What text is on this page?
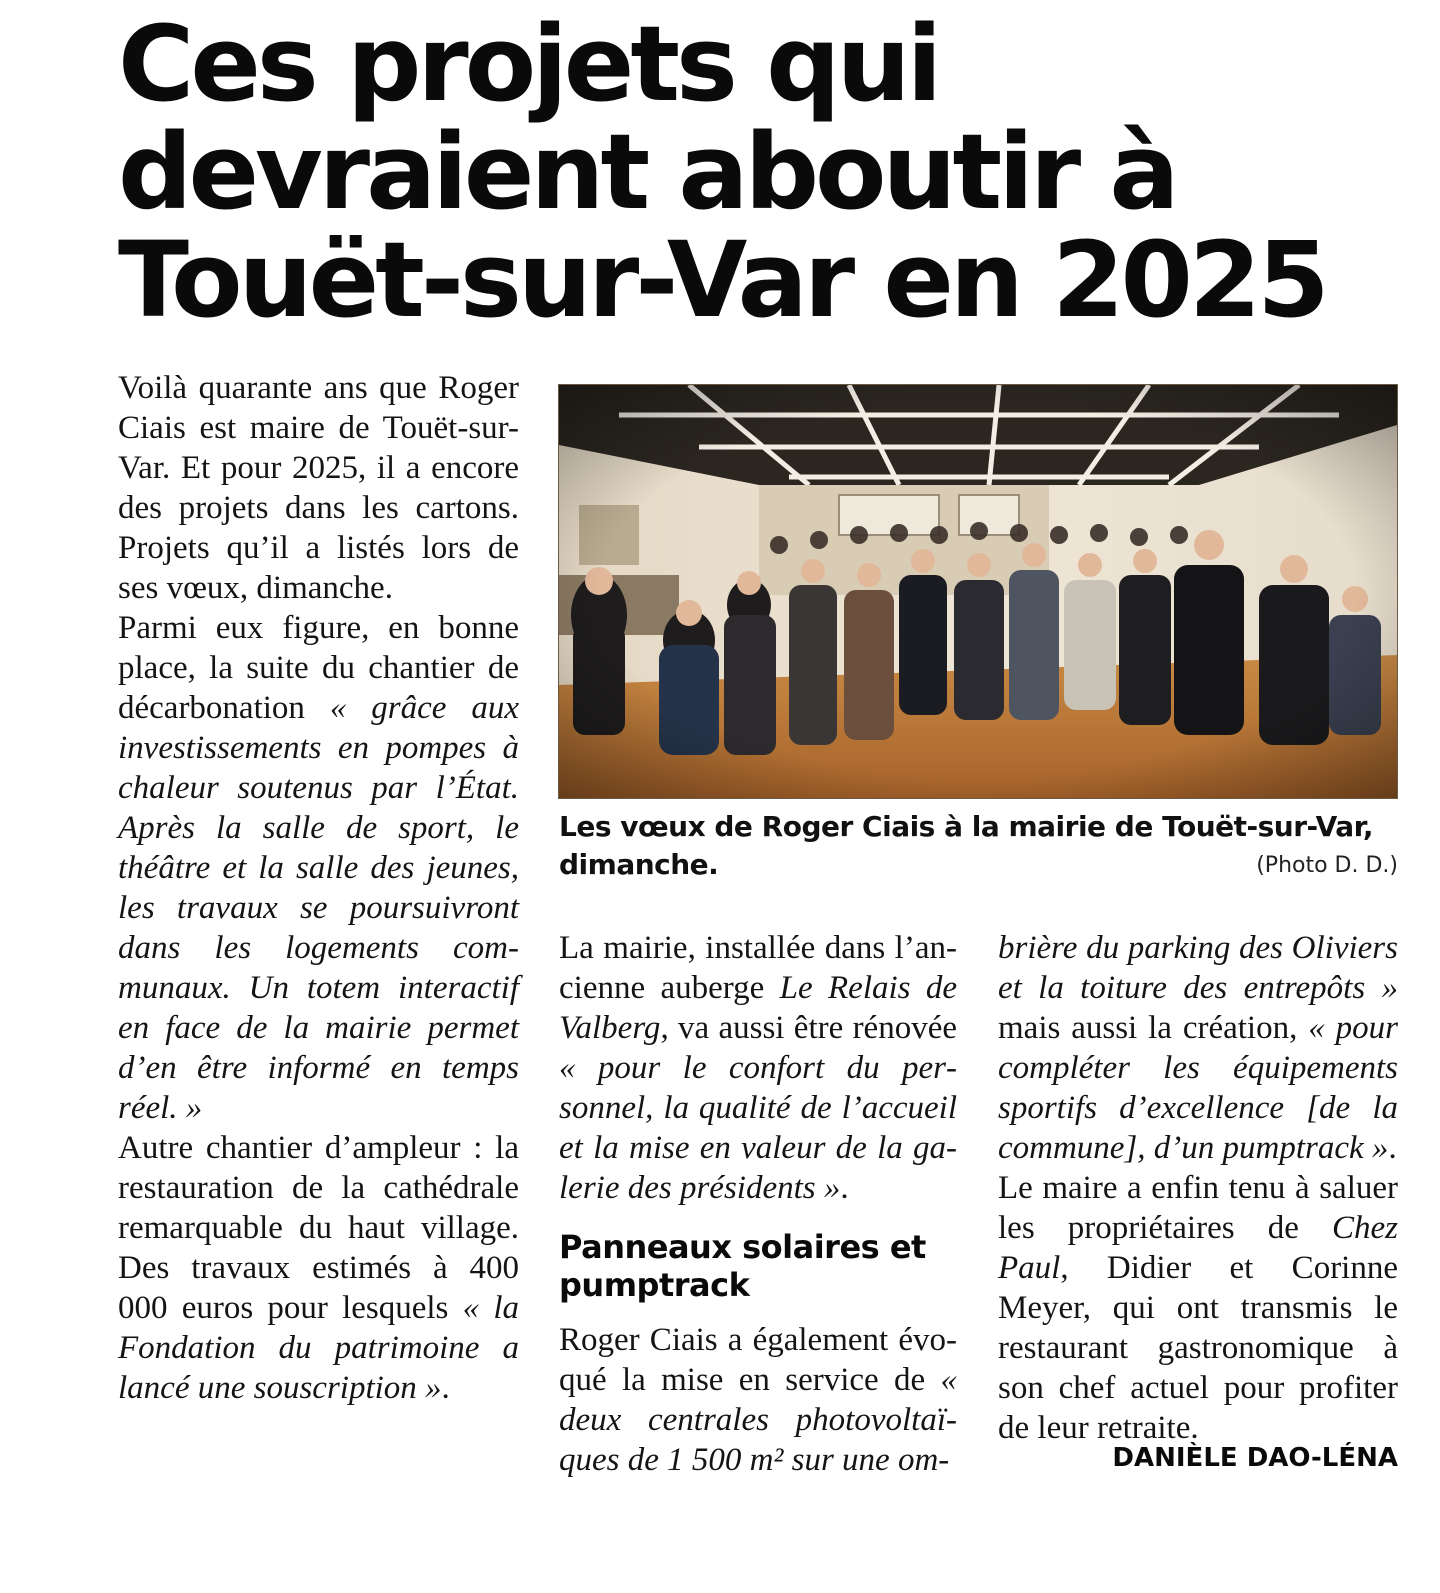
Ces projets qui
devraient aboutir à
Touët-sur-Var en 2025

Voilà quarante ans que Roger Ciais est maire de Touët-sur-Var. Et pour 2025, il a encore des projets dans les cartons. Projets qu’il a listés lors de ses vœux, dimanche.

Parmi eux figure, en bonne place, la suite du chantier de décarbonation « grâce aux investissements en pompes à chaleur soutenus par l’État. Après la salle de sport, le théâtre et la salle des jeunes, les travaux se poursuivront dans les logements communaux. Un totem interactif en face de la mairie permet d’en être informé en temps réel. »

Autre chantier d’ampleur : la restauration de la cathédrale remarquable du haut village. Des travaux estimés à 400 000 euros pour lesquels « la Fondation du patrimoine a lancé une souscription ».

Les vœux de Roger Ciais à la mairie de Touët-sur-Var, dimanche.	(Photo D. D.)

La mairie, installée dans l’ancienne auberge Le Relais de Valberg, va aussi être rénovée « pour le confort du personnel, la qualité de l’accueil et la mise en valeur de la galerie des présidents ».

Panneaux solaires et pumptrack

Roger Ciais a également évoqué la mise en service de « deux centrales photovoltaïques de 1 500 m² sur une om-

brière du parking des Oliviers et la toiture des entrepôts » mais aussi la création, « pour compléter les équipements sportifs d’excellence [de la commune], d’un pumptrack ».

Le maire a enfin tenu à saluer les propriétaires de Chez Paul, Didier et Corinne Meyer, qui ont transmis le restaurant gastronomique à son chef actuel pour profiter de leur retraite.

DANIÈLE DAO-LÉNA
